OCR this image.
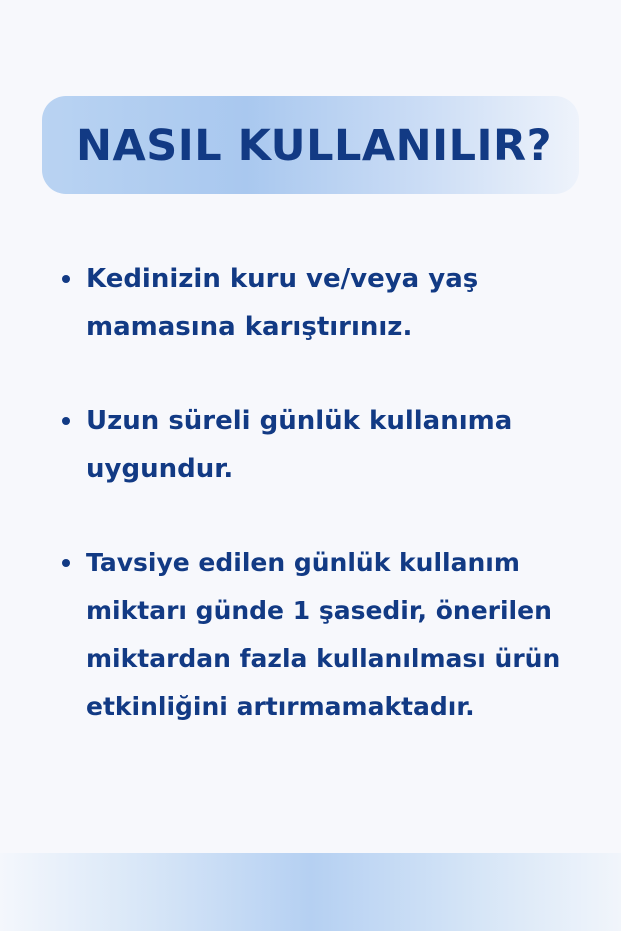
NASIL KULLANILIR?
Kedinizin kuru ve/veya yaş mamasına karıştırınız.
Uzun süreli günlük kullanıma uygundur.
Tavsiye edilen günlük kullanım miktarı günde 1 şasedir, önerilen miktardan fazla kullanılması ürün etkinliğini artırmamaktadır.
